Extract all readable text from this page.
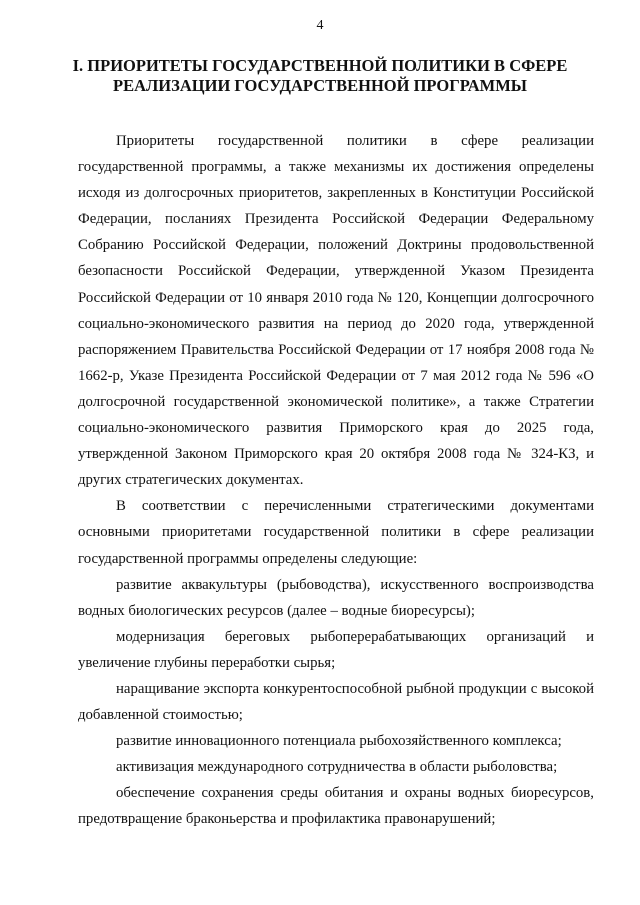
4
I. ПРИОРИТЕТЫ ГОСУДАРСТВЕННОЙ ПОЛИТИКИ В СФЕРЕ
РЕАЛИЗАЦИИ ГОСУДАРСТВЕННОЙ ПРОГРАММЫ

Приоритеты государственной политики в сфере реализации государственной программы, а также механизмы их достижения определены исходя из долгосрочных приоритетов, закрепленных в Конституции Российской Федерации, посланиях Президента Российской Федерации Федеральному Собранию Российской Федерации, положений Доктрины продовольственной безопасности Российской Федерации, утвержденной Указом Президента Российской Федерации от 10 января 2010 года № 120, Концепции долгосрочного социально-экономического развития на период до 2020 года, утвержденной распоряжением Правительства Российской Федерации от 17 ноября 2008 года № 1662-р, Указе Президента Российской Федерации от 7 мая 2012 года № 596 «О долгосрочной государственной экономической политике», а также Стратегии социально-экономического развития Приморского края до 2025 года, утвержденной Законом Приморского края 20 октября 2008 года № 324-КЗ, и других стратегических документах.

В соответствии с перечисленными стратегическими документами основными приоритетами государственной политики в сфере реализации государственной программы определены следующие:

развитие аквакультуры (рыбоводства), искусственного воспроизводства водных биологических ресурсов (далее – водные биоресурсы);

модернизация береговых рыбоперерабатывающих организаций и увеличение глубины переработки сырья;

наращивание экспорта конкурентоспособной рыбной продукции с высокой добавленной стоимостью;

развитие инновационного потенциала рыбохозяйственного комплекса;

активизация международного сотрудничества в области рыболовства;

обеспечение сохранения среды обитания и охраны водных биоресурсов, предотвращение браконьерства и профилактика правонарушений;
